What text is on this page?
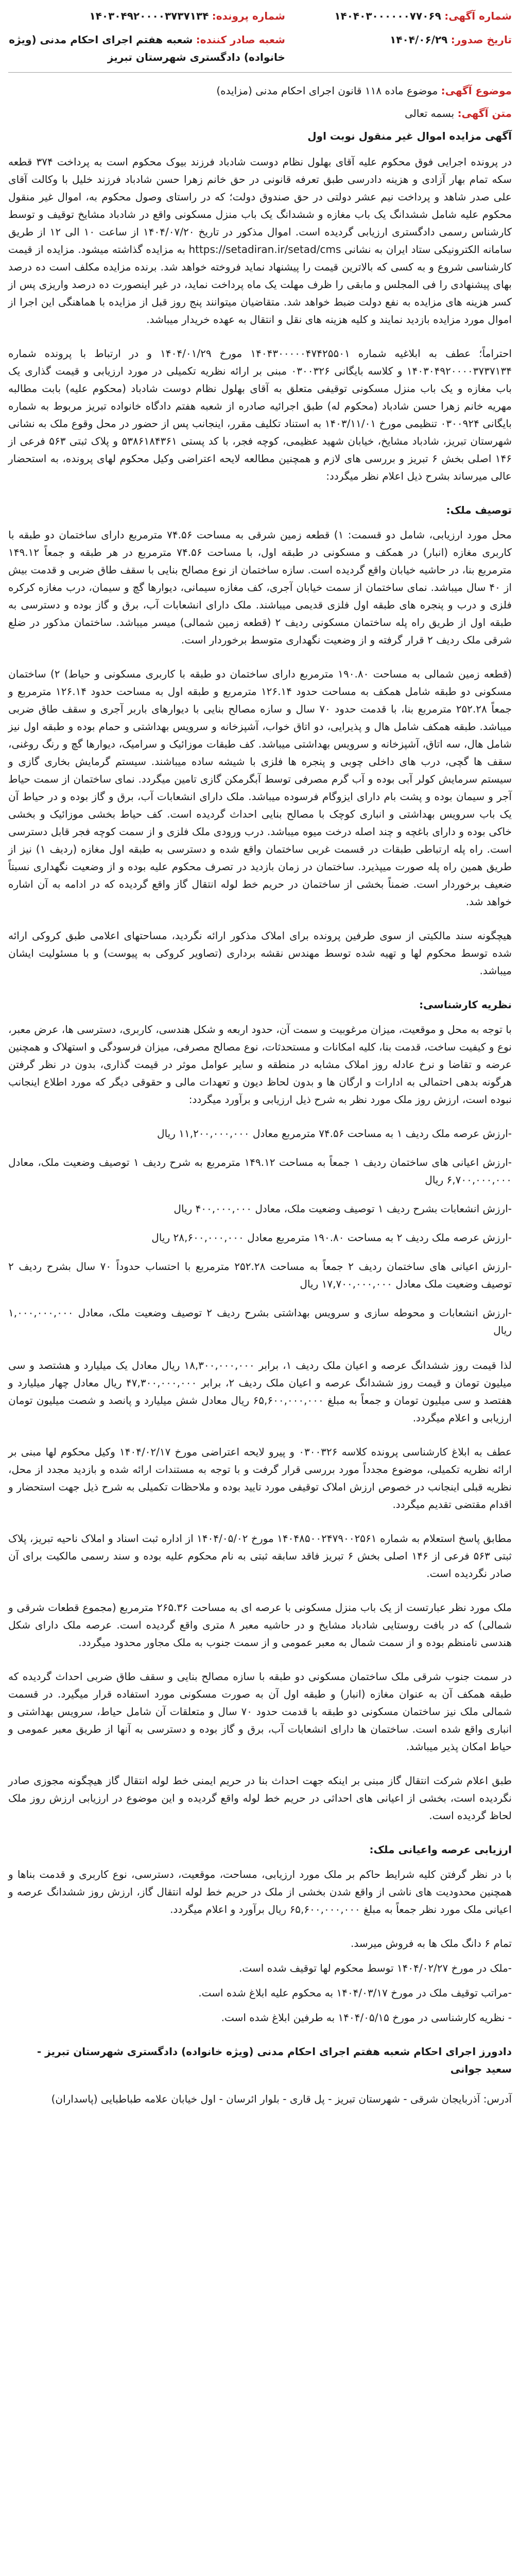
شماره آگهی: ۱۴۰۴۰۳۰۰۰۰۰۰۷۷۰۶۹
شماره پرونده: ۱۴۰۳۰۴۹۲۰۰۰۰۳۷۳۷۱۳۴
تاریخ صدور: ۱۴۰۴/۰۶/۲۹
شعبه صادر کننده: شعبه هفتم اجرای احکام مدنی (ویژه خانواده) دادگستری شهرستان تبریز
موضوع آگهی: موضوع ماده ۱۱۸ قانون اجرای احکام مدنی (مزایده)
متن آگهی: بسمه تعالی
آگهی مزایده اموال غیر منقول نوبت اول

در پرونده اجرایی فوق محکوم علیه آقای بهلول نظام دوست شادباد فرزند بیوک محکوم است به پرداخت ۳۷۴ قطعه سکه تمام بهار آزادی و هزینه دادرسی طبق تعرفه قانونی در حق خانم زهرا حسن شادباد فرزند خلیل با وکالت آقای علی صدر شاهد و پرداخت نیم عشر دولتی در حق صندوق دولت؛ که در راستای وصول محکوم به، اموال غیر منقول محکوم علیه شامل ششدانگ یک باب مغازه و ششدانگ یک باب منزل مسکونی واقع در شادباد مشایخ توقیف و توسط کارشناس رسمی دادگستری ارزیابی گردیده است. اموال مذکور در تاریخ ۱۴۰۴/۰۷/۲۰ از ساعت ۱۰ الی ۱۲ از طریق سامانه الکترونیکی ستاد ایران به نشانی https://setadiran.ir/setad/cms به مزایده گذاشته میشود. مزایده از قیمت کارشناسی شروع و به کسی که بالاترین قیمت را پیشنهاد نماید فروخته خواهد شد. برنده مزایده مکلف است ده درصد بهای پیشنهادی را فی المجلس و مابقی را ظرف مهلت یک ماه پرداخت نماید، در غیر اینصورت ده درصد واریزی پس از کسر هزینه های مزایده به نفع دولت ضبط خواهد شد. متقاضیان میتوانند پنج روز قبل از مزایده با هماهنگی این اجرا از اموال مورد مزایده بازدید نمایند و کلیه هزینه های نقل و انتقال به عهده خریدار میباشد.

احتراماً؛ عطف به ابلاغیه شماره ۱۴۰۴۳۰۰۰۰۰۴۷۴۲۵۵۰۱ مورخ ۱۴۰۴/۰۱/۲۹ و در ارتباط با پرونده شماره ۱۴۰۳۰۴۹۲۰۰۰۰۳۷۳۷۱۳۴ و کلاسه بایگانی ۰۳۰۰۳۲۶ مبنی بر ارائه نظریه تکمیلی در مورد ارزیابی و قیمت گذاری یک باب مغازه و یک باب منزل مسکونی توقیفی متعلق به آقای بهلول نظام دوست شادباد (محکوم علیه) بابت مطالبه مهریه خانم زهرا حسن شادباد (محکوم له) طبق اجرائیه صادره از شعبه هفتم دادگاه خانواده تبریز مربوط به شماره بایگانی ۰۳۰۰۹۲۴ تنظیمی مورخ ۱۴۰۳/۱۱/۰۱ به استناد تکلیف مقرر، اینجانب پس از حضور در محل وقوع ملک به نشانی شهرستان تبریز، شادباد مشایخ، خیابان شهید عظیمی، کوچه فجر، با کد پستی ۵۳۸۶۱۸۴۳۶۱ و پلاک ثبتی ۵۶۳ فرعی از ۱۴۶ اصلی بخش ۶ تبریز و بررسی های لازم و همچنین مطالعه لایحه اعتراضی وکیل محکوم لهای پرونده، به استحضار عالی میرساند بشرح ذیل اعلام نظر میگردد:

توصیف ملک:

محل مورد ارزیابی، شامل دو قسمت: ۱) قطعه زمین شرقی به مساحت ۷۴.۵۶ مترمربع دارای ساختمان دو طبقه با کاربری مغازه (انبار) در همکف و مسکونی در طبقه اول، با مساحت ۷۴.۵۶ مترمربع در هر طبقه و جمعاً ۱۴۹.۱۲ مترمربع بنا، در حاشیه خیابان واقع گردیده است. سازه ساختمان از نوع مصالح بنایی با سقف طاق ضربی و قدمت بیش از ۴۰ سال میباشد. نمای ساختمان از سمت خیابان آجری، کف مغازه سیمانی، دیوارها گچ و سیمان، درب مغازه کرکره فلزی و درب و پنجره های طبقه اول فلزی قدیمی میباشند. ملک دارای انشعابات آب، برق و گاز بوده و دسترسی به طبقه اول از طریق راه پله ساختمان مسکونی ردیف ۲ (قطعه زمین شمالی) میسر میباشد. ساختمان مذکور در ضلع شرقی ملک ردیف ۲ قرار گرفته و از وضعیت نگهداری متوسط برخوردار است.

(قطعه زمین شمالی به مساحت ۱۹۰.۸۰ مترمربع دارای ساختمان دو طبقه با کاربری مسکونی و حیاط) ۲) ساختمان مسکونی دو طبقه شامل همکف به مساحت حدود ۱۲۶.۱۴ مترمربع و طبقه اول به مساحت حدود ۱۲۶.۱۴ مترمربع و جمعاً ۲۵۲.۲۸ مترمربع بنا، با قدمت حدود ۷۰ سال و سازه مصالح بنایی با دیوارهای باربر آجری و سقف طاق ضربی میباشد. طبقه همکف شامل هال و پذیرایی، دو اتاق خواب، آشپزخانه و سرویس بهداشتی و حمام بوده و طبقه اول نیز شامل هال، سه اتاق، آشپزخانه و سرویس بهداشتی میباشد. کف طبقات موزائیک و سرامیک، دیوارها گچ و رنگ روغنی، سقف ها گچی، درب های داخلی چوبی و پنجره ها فلزی با شیشه ساده میباشند. سیستم گرمایش بخاری گازی و سیستم سرمایش کولر آبی بوده و آب گرم مصرفی توسط آبگرمکن گازی تامین میگردد. نمای ساختمان از سمت حیاط آجر و سیمان بوده و پشت بام دارای ایزوگام فرسوده میباشد. ملک دارای انشعابات آب، برق و گاز بوده و در حیاط آن یک باب سرویس بهداشتی و انباری کوچک با مصالح بنایی احداث گردیده است. کف حیاط بخشی موزائیک و بخشی خاکی بوده و دارای باغچه و چند اصله درخت میوه میباشد. درب ورودی ملک فلزی و از سمت کوچه فجر قابل دسترسی است. راه پله ارتباطی طبقات در قسمت غربی ساختمان واقع شده و دسترسی به طبقه اول مغازه (ردیف ۱) نیز از طریق همین راه پله صورت میپذیرد. ساختمان در زمان بازدید در تصرف محکوم علیه بوده و از وضعیت نگهداری نسبتاً ضعیف برخوردار است. ضمناً بخشی از ساختمان در حریم خط لوله انتقال گاز واقع گردیده که در ادامه به آن اشاره خواهد شد.

هیچگونه سند مالکیتی از سوی طرفین پرونده برای املاک مذکور ارائه نگردید، مساحتهای اعلامی طبق کروکی ارائه شده توسط محکوم لها و تهیه شده توسط مهندس نقشه برداری (تصاویر کروکی به پیوست) و با مسئولیت ایشان میباشد.

نظریه کارشناسی:

با توجه به محل و موقعیت، میزان مرغوبیت و سمت آن، حدود اربعه و شکل هندسی، کاربری، دسترسی ها، عرض معبر، نوع و کیفیت ساخت، قدمت بنا، کلیه امکانات و مستحدثات، نوع مصالح مصرفی، میزان فرسودگی و استهلاک و همچنین عرضه و تقاضا و نرخ عادله روز املاک مشابه در منطقه و سایر عوامل موثر در قیمت گذاری، بدون در نظر گرفتن هرگونه بدهی احتمالی به ادارات و ارگان ها و بدون لحاظ دیون و تعهدات مالی و حقوقی دیگر که مورد اطلاع اینجانب نبوده است، ارزش روز ملک مورد نظر به شرح ذیل ارزیابی و برآورد میگردد:

-ارزش عرصه ملک ردیف ۱ به مساحت ۷۴.۵۶ مترمربع معادل ۱۱,۲۰۰,۰۰۰,۰۰۰ ریال
-ارزش اعیانی های ساختمان ردیف ۱ جمعاً به مساحت ۱۴۹.۱۲ مترمربع به شرح ردیف ۱ توصیف وضعیت ملک، معادل ۶,۷۰۰,۰۰۰,۰۰۰ ریال
-ارزش انشعابات بشرح ردیف ۱ توصیف وضعیت ملک، معادل ۴۰۰,۰۰۰,۰۰۰ ریال
-ارزش عرصه ملک ردیف ۲ به مساحت ۱۹۰.۸۰ مترمربع معادل ۲۸,۶۰۰,۰۰۰,۰۰۰ ریال
-ارزش اعیانی های ساختمان ردیف ۲ جمعاً به مساحت ۲۵۲.۲۸ مترمربع با احتساب حدوداً ۷۰ سال بشرح ردیف ۲ توصیف وضعیت ملک معادل ۱۷,۷۰۰,۰۰۰,۰۰۰ ریال
-ارزش انشعابات و محوطه سازی و سرویس بهداشتی بشرح ردیف ۲ توصیف وضعیت ملک، معادل ۱,۰۰۰,۰۰۰,۰۰۰ ریال

لذا قیمت روز ششدانگ عرصه و اعیان ملک ردیف ۱، برابر ۱۸,۳۰۰,۰۰۰,۰۰۰ ریال معادل یک میلیارد و هشتصد و سی میلیون تومان و قیمت روز ششدانگ عرصه و اعیان ملک ردیف ۲، برابر ۴۷,۳۰۰,۰۰۰,۰۰۰ ریال معادل چهار میلیارد و هفتصد و سی میلیون تومان و جمعاً به مبلغ ۶۵,۶۰۰,۰۰۰,۰۰۰ ریال معادل شش میلیارد و پانصد و شصت میلیون تومان ارزیابی و اعلام میگردد.

عطف به ابلاغ کارشناسی پرونده کلاسه ۰۳۰۰۳۲۶ و پیرو لایحه اعتراضی مورخ ۱۴۰۴/۰۲/۱۷ وکیل محکوم لها مبنی بر ارائه نظریه تکمیلی، موضوع مجدداً مورد بررسی قرار گرفت و با توجه به مستندات ارائه شده و بازدید مجدد از محل، نظریه قبلی اینجانب در خصوص ارزش املاک توقیفی مورد تایید بوده و ملاحظات تکمیلی به شرح ذیل جهت استحضار و اقدام مقتضی تقدیم میگردد.

مطابق پاسخ استعلام به شماره ۱۴۰۴۸۵۰۰۲۴۷۹۰۰۲۵۶۱ مورخ ۱۴۰۴/۰۵/۰۲ از اداره ثبت اسناد و املاک ناحیه تبریز، پلاک ثبتی ۵۶۳ فرعی از ۱۴۶ اصلی بخش ۶ تبریز فاقد سابقه ثبتی به نام محکوم علیه بوده و سند رسمی مالکیت برای آن صادر نگردیده است.

ملک مورد نظر عبارتست از یک باب منزل مسکونی با عرصه ای به مساحت ۲۶۵.۳۶ مترمربع (مجموع قطعات شرقی و شمالی) که در بافت روستایی شادباد مشایخ و در حاشیه معبر ۸ متری واقع گردیده است. عرصه ملک دارای شکل هندسی نامنظم بوده و از سمت شمال به معبر عمومی و از سمت جنوب به ملک مجاور محدود میگردد.

در سمت جنوب شرقی ملک ساختمان مسکونی دو طبقه با سازه مصالح بنایی و سقف طاق ضربی احداث گردیده که طبقه همکف آن به عنوان مغازه (انبار) و طبقه اول آن به صورت مسکونی مورد استفاده قرار میگیرد. در قسمت شمالی ملک نیز ساختمان مسکونی دو طبقه با قدمت حدود ۷۰ سال و متعلقات آن شامل حیاط، سرویس بهداشتی و انباری واقع شده است. ساختمان ها دارای انشعابات آب، برق و گاز بوده و دسترسی به آنها از طریق معبر عمومی و حیاط امکان پذیر میباشد.

طبق اعلام شرکت انتقال گاز مبنی بر اینکه جهت احداث بنا در حریم ایمنی خط لوله انتقال گاز هیچگونه مجوزی صادر نگردیده است، بخشی از اعیانی های احداثی در حریم خط لوله واقع گردیده و این موضوع در ارزیابی ارزش روز ملک لحاظ گردیده است.

ارزیابی عرصه واعیانی ملک:

با در نظر گرفتن کلیه شرایط حاکم بر ملک مورد ارزیابی، مساحت، موقعیت، دسترسی، نوع کاربری و قدمت بناها و همچنین محدودیت های ناشی از واقع شدن بخشی از ملک در حریم خط لوله انتقال گاز، ارزش روز ششدانگ عرصه و اعیانی ملک مورد نظر جمعاً به مبلغ ۶۵,۶۰۰,۰۰۰,۰۰۰ ریال برآورد و اعلام میگردد.

تمام ۶ دانگ ملک ها به فروش میرسد.
-ملک در مورخ ۱۴۰۴/۰۲/۲۷ توسط محکوم لها توقیف شده است.
-مراتب توقیف ملک در مورخ ۱۴۰۴/۰۳/۱۷ به محکوم علیه ابلاغ شده است.
- نظریه کارشناسی در مورخ ۱۴۰۴/۰۵/۱۵ به طرفین ابلاغ شده است.
دادورز اجرای احکام شعبه هفتم اجرای احکام مدنی (ویژه خانواده) دادگستری شهرستان تبریز - سعید جوانی
آدرس: آذربایجان شرقی - شهرستان تبریز - پل قاری - بلوار ائرسان - اول خیابان علامه طباطبایی (پاسداران)
